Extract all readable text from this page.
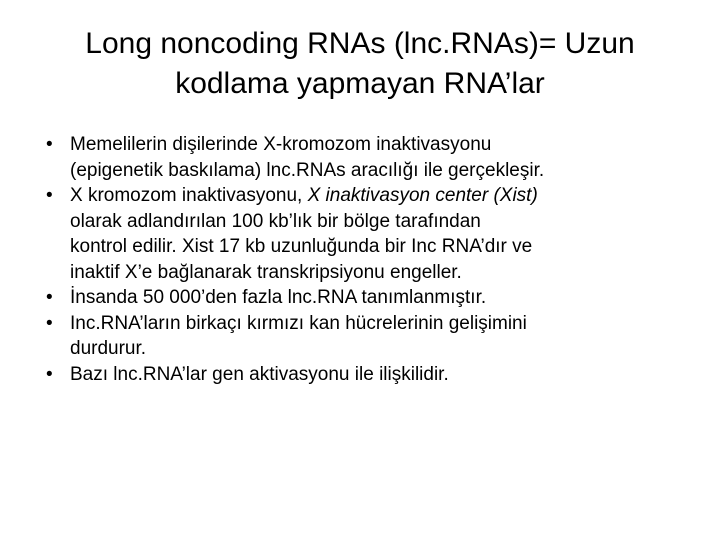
Long noncoding RNAs (lnc.RNAs)= Uzun
kodlama yapmayan RNA’lar
• Memelilerin dişilerinde X-kromozom inaktivasyonu
(epigenetik baskılama) lnc.RNAs aracılığı ile gerçekleşir.
• X kromozom inaktivasyonu, X inaktivasyon center (Xist)
olarak adlandırılan 100 kb’lık bir bölge tarafından
kontrol edilir. Xist 17 kb uzunluğunda bir Inc RNA’dır ve
inaktif X’e bağlanarak transkripsiyonu engeller.
• İnsanda 50 000’den fazla lnc.RNA tanımlanmıştır.
• Inc.RNA’ların birkaçı kırmızı kan hücrelerinin gelişimini
durdurur.
• Bazı lnc.RNA’lar gen aktivasyonu ile ilişkilidir.
